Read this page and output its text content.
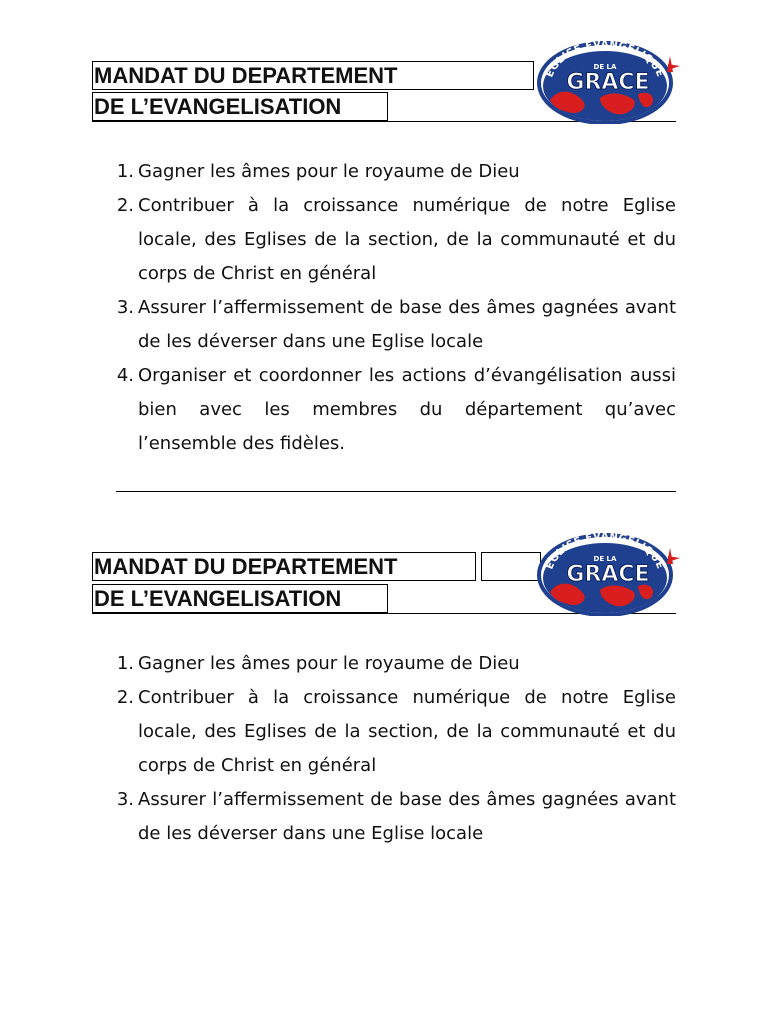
MANDAT DU DEPARTEMENT
DE L’EVANGELISATION
EGLISE EVANGELIQUE
DE LA
GRACE
1. Gagner les âmes pour le royaume de Dieu
2. Contribuer à la croissance numérique de notre Eglise locale, des Eglises de la section, de la communauté et du corps de Christ en général
3. Assurer l’affermissement de base des âmes gagnées avant de les déverser dans une Eglise locale
4. Organiser et coordonner les actions d’évangélisation aussi bien avec les membres du département qu’avec l’ensemble des fidèles.
MANDAT DU DEPARTEMENT
DE L’EVANGELISATION
EGLISE EVANGELIQUE
DE LA
GRACE
1. Gagner les âmes pour le royaume de Dieu
2. Contribuer à la croissance numérique de notre Eglise locale, des Eglises de la section, de la communauté et du corps de Christ en général
3. Assurer l’affermissement de base des âmes gagnées avant de les déverser dans une Eglise locale
